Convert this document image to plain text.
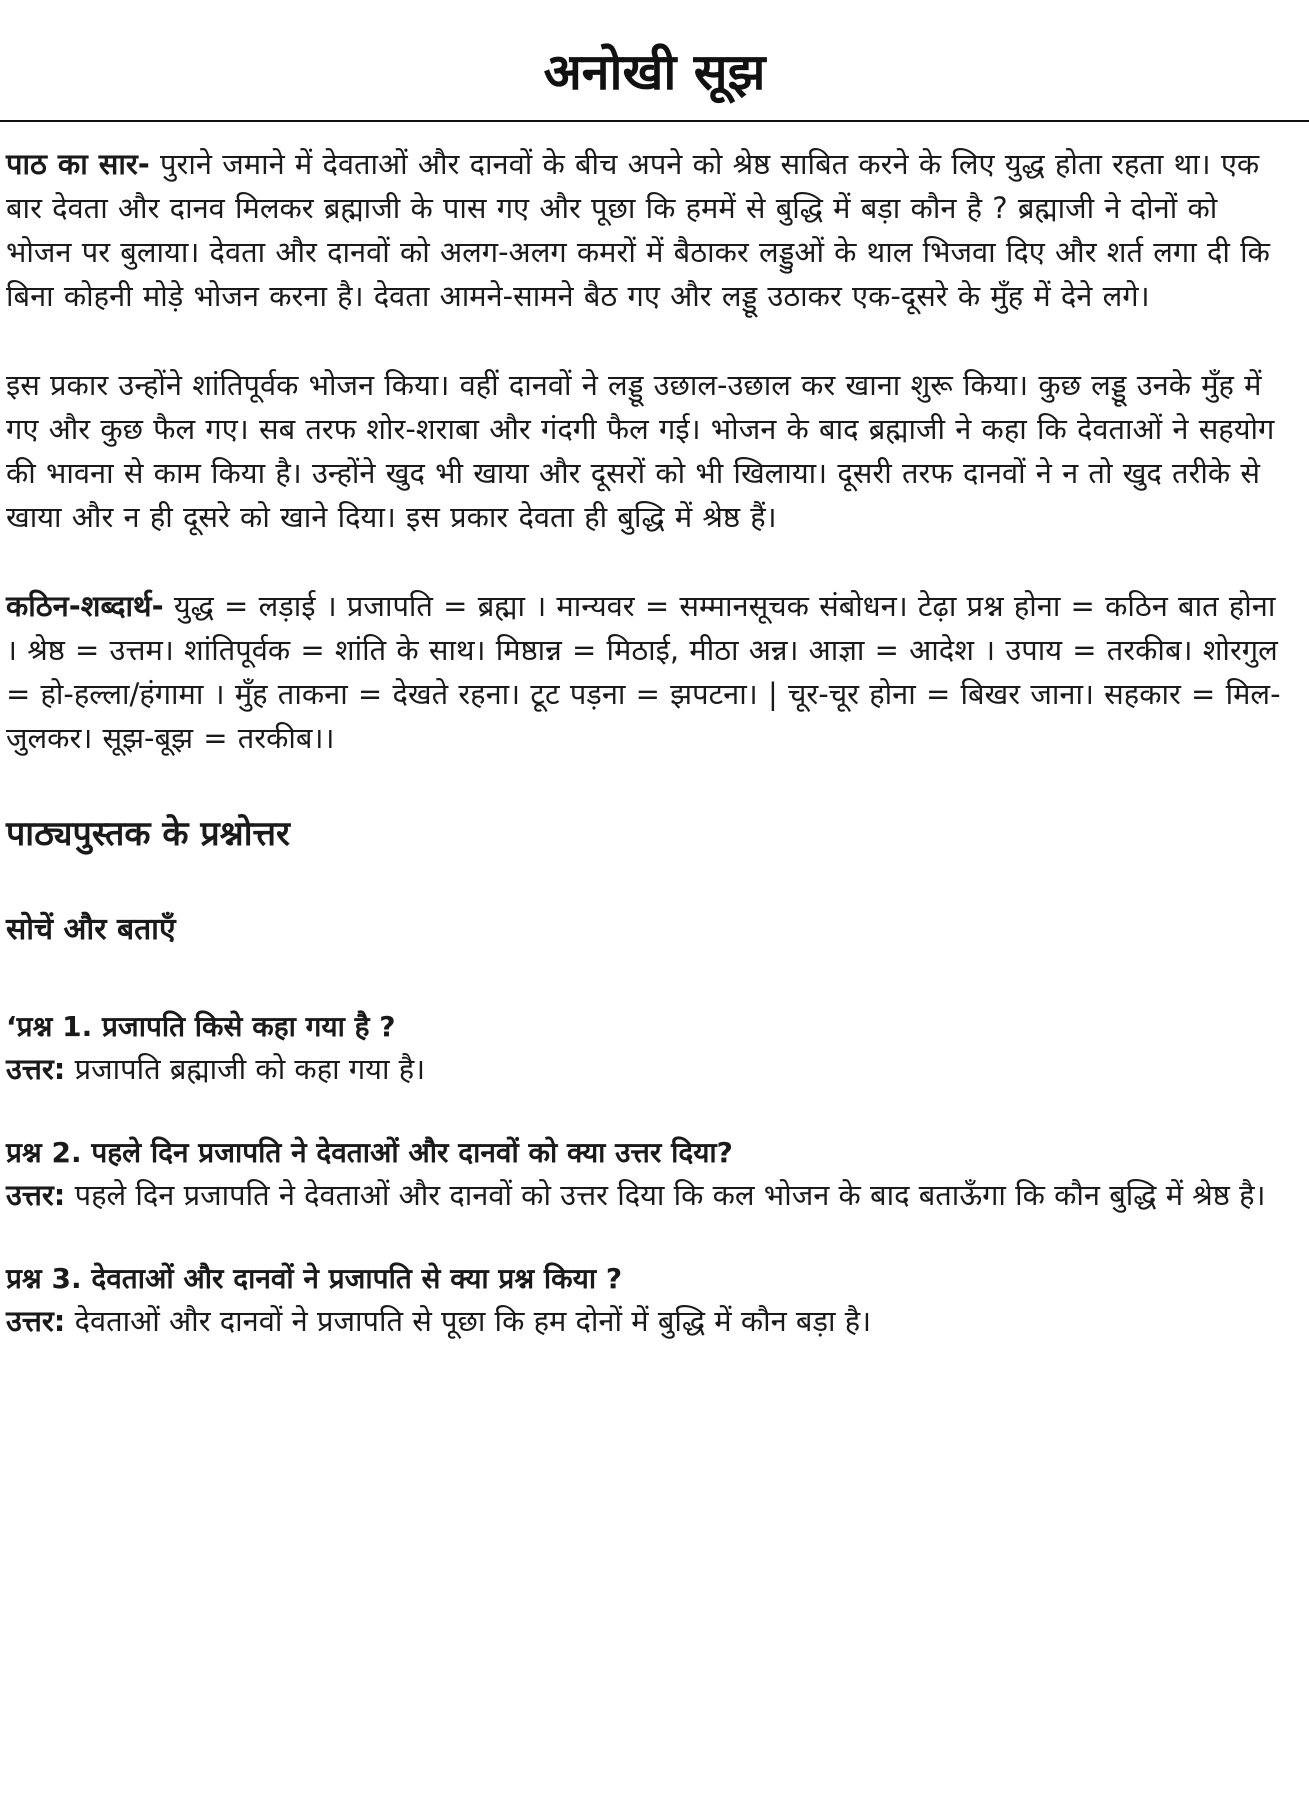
अनोखी सूझ

पाठ का सार- पुराने जमाने में देवताओं और दानवों के बीच अपने को श्रेष्ठ साबित करने के लिए युद्ध होता रहता था। एक बार देवता और दानव मिलकर ब्रह्माजी के पास गए और पूछा कि हममें से बुद्धि में बड़ा कौन है ? ब्रह्माजी ने दोनों को भोजन पर बुलाया। देवता और दानवों को अलग-अलग कमरों में बैठाकर लड्डुओं के थाल भिजवा दिए और शर्त लगा दी कि बिना कोहनी मोड़े भोजन करना है। देवता आमने-सामने बैठ गए और लड्डू उठाकर एक-दूसरे के मुँह में देने लगे।

इस प्रकार उन्होंने शांतिपूर्वक भोजन किया। वहीं दानवों ने लड्डू उछाल-उछाल कर खाना शुरू किया। कुछ लड्डू उनके मुँह में गए और कुछ फैल गए। सब तरफ शोर-शराबा और गंदगी फैल गई। भोजन के बाद ब्रह्माजी ने कहा कि देवताओं ने सहयोग की भावना से काम किया है। उन्होंने खुद भी खाया और दूसरों को भी खिलाया। दूसरी तरफ दानवों ने न तो खुद तरीके से खाया और न ही दूसरे को खाने दिया। इस प्रकार देवता ही बुद्धि में श्रेष्ठ हैं।

कठिन-शब्दार्थ- युद्ध = लड़ाई । प्रजापति = ब्रह्मा । मान्यवर = सम्मानसूचक संबोधन। टेढ़ा प्रश्न होना = कठिन बात होना । श्रेष्ठ = उत्तम। शांतिपूर्वक = शांति के साथ। मिष्ठान्न = मिठाई, मीठा अन्न। आज्ञा = आदेश । उपाय = तरकीब। शोरगुल = हो-हल्ला/हंगामा । मुँह ताकना = देखते रहना। टूट पड़ना = झपटना। | चूर-चूर होना = बिखर जाना। सहकार = मिल-जुलकर। सूझ-बूझ = तरकीब।।

पाठ्यपुस्तक के प्रश्नोत्तर
सोचें और बताएँ

‘प्रश्न 1. प्रजापति किसे कहा गया है ?

उत्तर: प्रजापति ब्रह्माजी को कहा गया है।

प्रश्न 2. पहले दिन प्रजापति ने देवताओं और दानवों को क्या उत्तर दिया?

उत्तर: पहले दिन प्रजापति ने देवताओं और दानवों को उत्तर दिया कि कल भोजन के बाद बताऊँगा कि कौन बुद्धि में श्रेष्ठ है।

प्रश्न 3. देवताओं और दानवों ने प्रजापति से क्या प्रश्न किया ?

उत्तर: देवताओं और दानवों ने प्रजापति से पूछा कि हम दोनों में बुद्धि में कौन बड़ा है।
